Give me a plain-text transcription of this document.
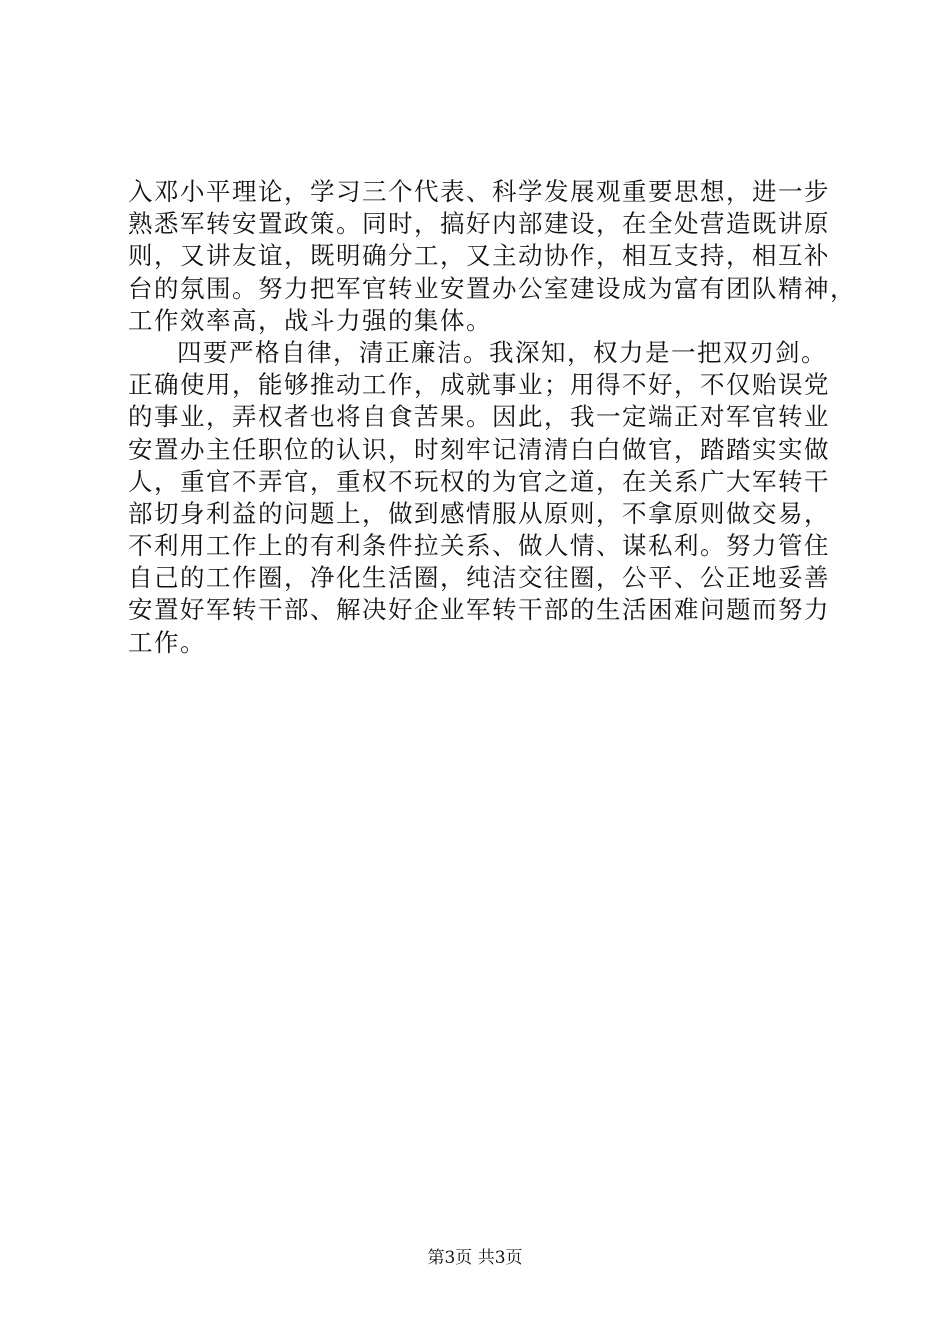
入邓小平理论，学习三个代表、科学发展观重要思想，进一步
熟悉军转安置政策。同时，搞好内部建设，在全处营造既讲原
则，又讲友谊，既明确分工，又主动协作，相互支持，相互补
台的氛围。努力把军官转业安置办公室建设成为富有团队精神，
工作效率高，战斗力强的集体。
四要严格自律，清正廉洁。我深知，权力是一把双刃剑。
正确使用，能够推动工作，成就事业；用得不好，不仅贻误党
的事业，弄权者也将自食苦果。因此，我一定端正对军官转业
安置办主任职位的认识，时刻牢记清清白白做官，踏踏实实做
人，重官不弄官，重权不玩权的为官之道，在关系广大军转干
部切身利益的问题上，做到感情服从原则，不拿原则做交易，
不利用工作上的有利条件拉关系、做人情、谋私利。努力管住
自己的工作圈，净化生活圈，纯洁交往圈，公平、公正地妥善
安置好军转干部、解决好企业军转干部的生活困难问题而努力
工作。
第3页 共3页
